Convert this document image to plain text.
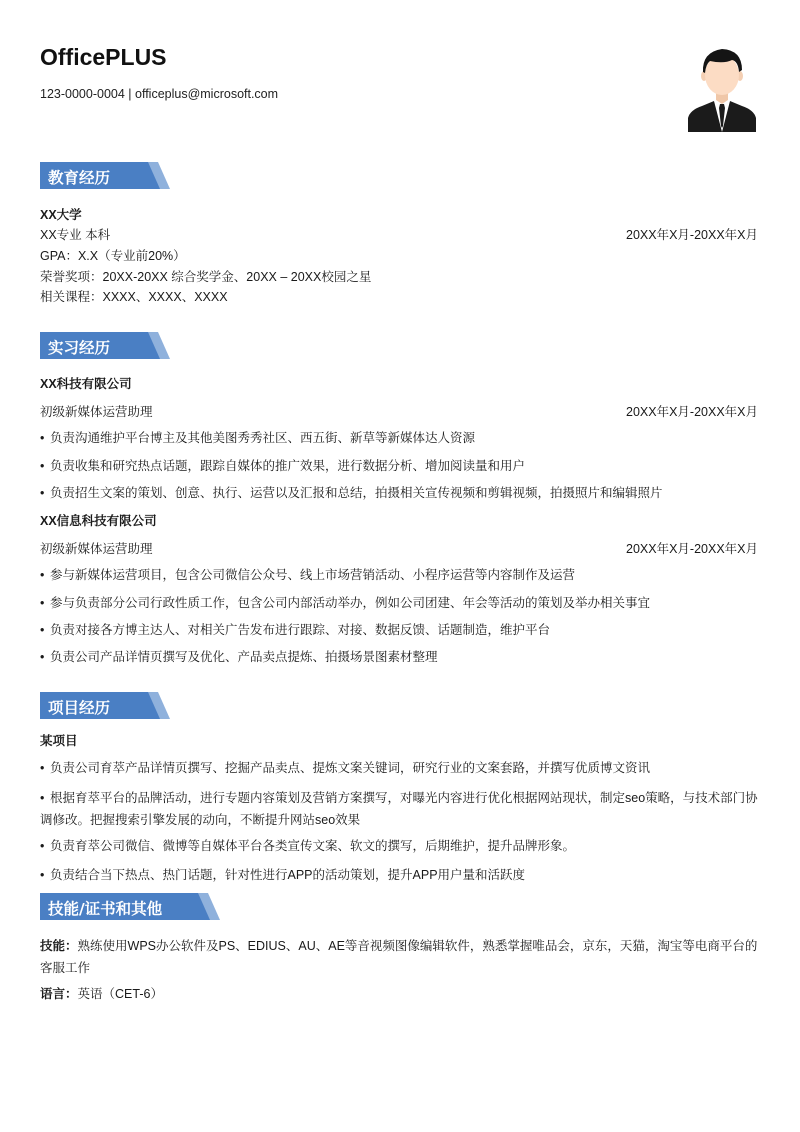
OfficePLUS
123-0000-0004 | officeplus@microsoft.com
教育经历
XX大学
XX专业 本科	20XX年X月-20XX年X月
GPA：X.X（专业前20%）
荣誉奖项：20XX-20XX 综合奖学金、20XX – 20XX校园之星
相关课程：XXXX、XXXX、XXXX
实习经历
XX科技有限公司
初级新媒体运营助理	20XX年X月-20XX年X月
• 负责沟通维护平台博主及其他美图秀秀社区、西五街、新草等新媒体达人资源
• 负责收集和研究热点话题，跟踪自媒体的推广效果，进行数据分析、增加阅读量和用户
• 负责招生文案的策划、创意、执行、运营以及汇报和总结，拍摄相关宣传视频和剪辑视频，拍摄照片和编辑照片
XX信息科技有限公司
初级新媒体运营助理	20XX年X月-20XX年X月
• 参与新媒体运营项目，包含公司微信公众号、线上市场营销活动、小程序运营等内容制作及运营
• 参与负责部分公司行政性质工作，包含公司内部活动举办，例如公司团建、年会等活动的策划及举办相关事宜
• 负责对接各方博主达人、对相关广告发布进行跟踪、对接、数据反馈、话题制造，维护平台
• 负责公司产品详情页撰写及优化、产品卖点提炼、拍摄场景图素材整理
项目经历
某项目
• 负责公司育萃产品详情页撰写、挖掘产品卖点、提炼文案关键词，研究行业的文案套路，并撰写优质博文资讯
• 根据育萃平台的品牌活动，进行专题内容策划及营销方案撰写，对曝光内容进行优化根据网站现状，制定seo策略，与技术部门协调修改。把握搜索引擎发展的动向，不断提升网站seo效果
• 负责育萃公司微信、微博等自媒体平台各类宣传文案、软文的撰写，后期维护，提升品牌形象。
• 负责结合当下热点、热门话题，针对性进行APP的活动策划，提升APP用户量和活跃度
技能/证书和其他
技能：熟练使用WPS办公软件及PS、EDIUS、AU、AE等音视频图像编辑软件，熟悉掌握唯品会，京东，天猫，淘宝等电商平台的客服工作
语言：英语（CET-6）
